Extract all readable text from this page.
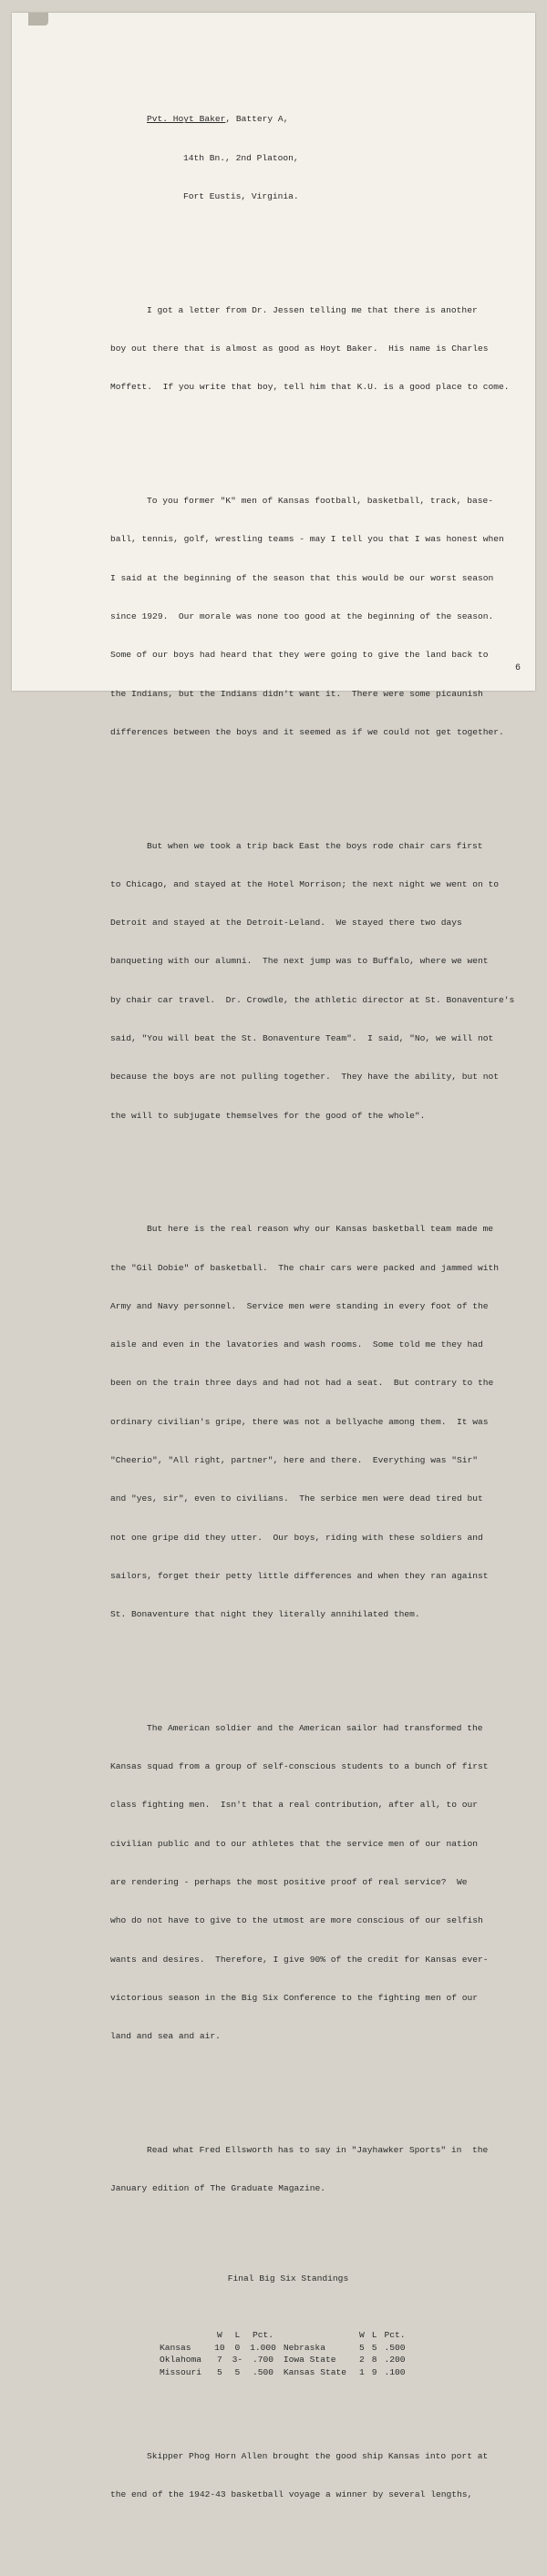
Pvt. Hoyt Baker, Battery A,

14th Bn., 2nd Platoon,

Fort Eustis, Virginia.

I got a letter from Dr. Jessen telling me that there is another

boy out there that is almost as good as Hoyt Baker.  His name is Charles

Moffett.  If you write that boy, tell him that K.U. is a good place to come.

To you former "K" men of Kansas football, basketball, track, base-

ball, tennis, golf, wrestling teams - may I tell you that I was honest when

I said at the beginning of the season that this would be our worst season

since 1929.  Our morale was none too good at the beginning of the season.

Some of our boys had heard that they were going to give the land back to

the Indians, but the Indians didn't want it.  There were some picaunish

differences between the boys and it seemed as if we could not get together.

But when we took a trip back East the boys rode chair cars first

to Chicago, and stayed at the Hotel Morrison; the next night we went on to

Detroit and stayed at the Detroit-Leland.  We stayed there two days

banqueting with our alumni.  The next jump was to Buffalo, where we went

by chair car travel.  Dr. Crowdle, the athletic director at St. Bonaventure's

said, "You will beat the St. Bonaventure Team".  I said, "No, we will not

because the boys are not pulling together.  They have the ability, but not

the will to subjugate themselves for the good of the whole".

But here is the real reason why our Kansas basketball team made me

the "Gil Dobie" of basketball.  The chair cars were packed and jammed with

Army and Navy personnel.  Service men were standing in every foot of the

aisle and even in the lavatories and wash rooms.  Some told me they had

been on the train three days and had not had a seat.  But contrary to the

ordinary civilian's gripe, there was not a bellyache among them.  It was

"Cheerio", "All right, partner", here and there.  Everything was "Sir"

and "yes, sir", even to civilians.  The serbice men were dead tired but

not one gripe did they utter.  Our boys, riding with these soldiers and

sailors, forget their petty little differences and when they ran against

St. Bonaventure that night they literally annihilated them.

The American soldier and the American sailor had transformed the

Kansas squad from a group of self-conscious students to a bunch of first

class fighting men.  Isn't that a real contribution, after all, to our

civilian public and to our athletes that the service men of our nation

are rendering - perhaps the most positive proof of real service?  We

who do not have to give to the utmost are more conscious of our selfish

wants and desires.  Therefore, I give 90% of the credit for Kansas ever-

victorious season in the Big Six Conference to the fighting men of our

land and sea and air.

Read what Fred Ellsworth has to say in "Jayhawker Sports" in  the

January edition of The Graduate Magazine.

Final Big Six Standings

	W	L	Pct.		W	L	Pct.
Kansas	10	0	1.000	Nebraska	5	5	.500
Oklahoma	7	3-	.700	Iowa State	2	8	.200
Missouri	5	5	.500	Kansas State	1	9	.100

Skipper Phog Horn Allen brought the good ship Kansas into port at

the end of the 1942-43 basketball voyage a winner by several lengths,

6
